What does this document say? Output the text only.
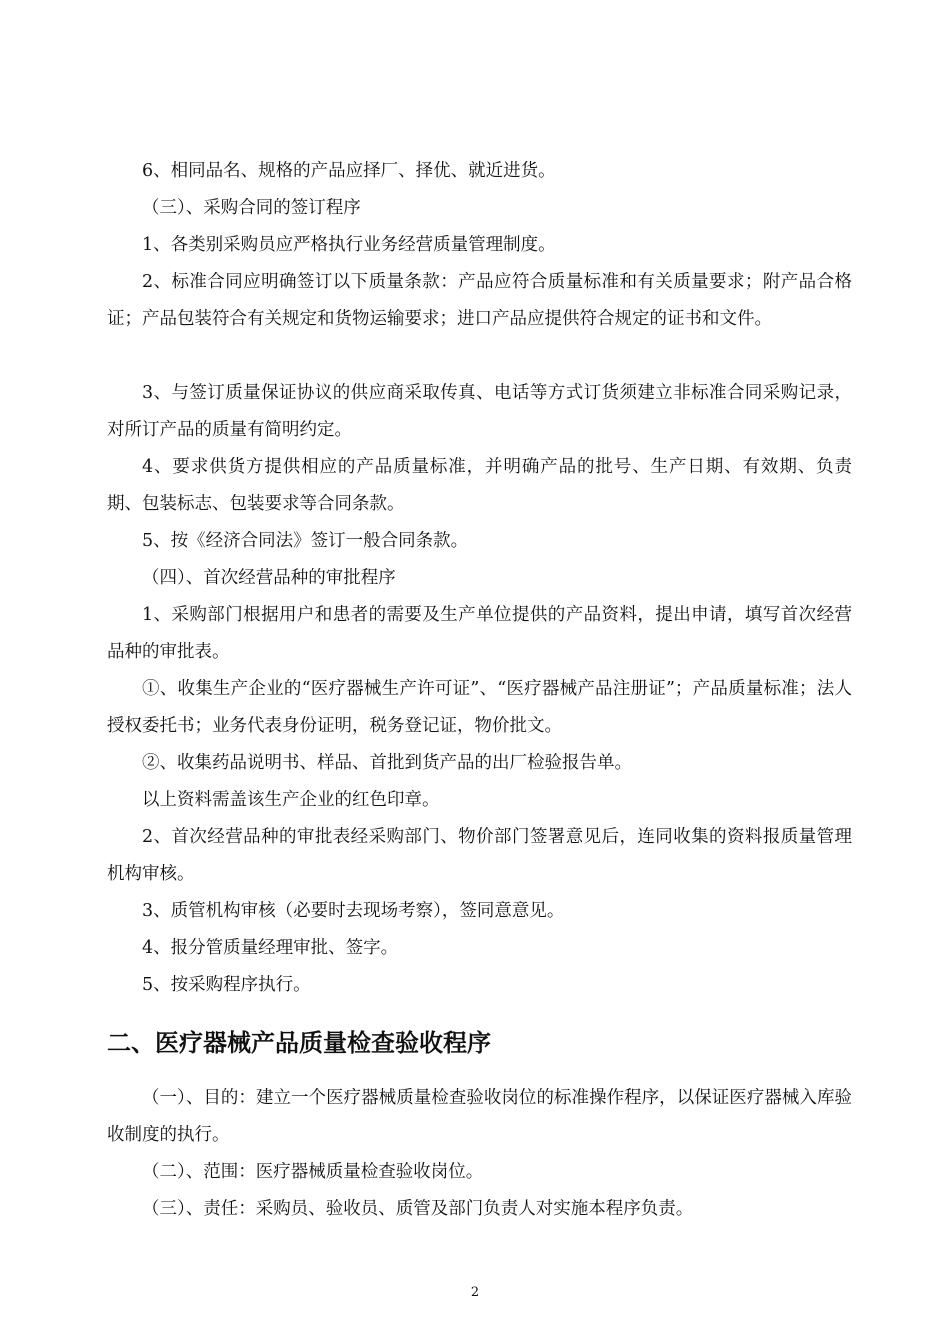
6、相同品名、规格的产品应择厂、择优、就近进货。

（三）、采购合同的签订程序

1、各类别采购员应严格执行业务经营质量管理制度。

2、标准合同应明确签订以下质量条款：产品应符合质量标准和有关质量要求；附产品合格证；产品包装符合有关规定和货物运输要求；进口产品应提供符合规定的证书和文件。

3、与签订质量保证协议的供应商采取传真、电话等方式订货须建立非标准合同采购记录，对所订产品的质量有简明约定。

4、要求供货方提供相应的产品质量标准，并明确产品的批号、生产日期、有效期、负责期、包装标志、包装要求等合同条款。

5、按《经济合同法》签订一般合同条款。

（四）、首次经营品种的审批程序

1、采购部门根据用户和患者的需要及生产单位提供的产品资料，提出申请，填写首次经营品种的审批表。

①、收集生产企业的“医疗器械生产许可证”、“医疗器械产品注册证”；产品质量标准；法人授权委托书；业务代表身份证明，税务登记证，物价批文。

②、收集药品说明书、样品、首批到货产品的出厂检验报告单。

以上资料需盖该生产企业的红色印章。

2、首次经营品种的审批表经采购部门、物价部门签署意见后，连同收集的资料报质量管理机构审核。

3、质管机构审核（必要时去现场考察），签同意意见。

4、报分管质量经理审批、签字。

5、按采购程序执行。

二、医疗器械产品质量检查验收程序

（一）、目的：建立一个医疗器械质量检查验收岗位的标准操作程序，以保证医疗器械入库验收制度的执行。

（二）、范围：医疗器械质量检查验收岗位。

（三）、责任：采购员、验收员、质管及部门负责人对实施本程序负责。

2
